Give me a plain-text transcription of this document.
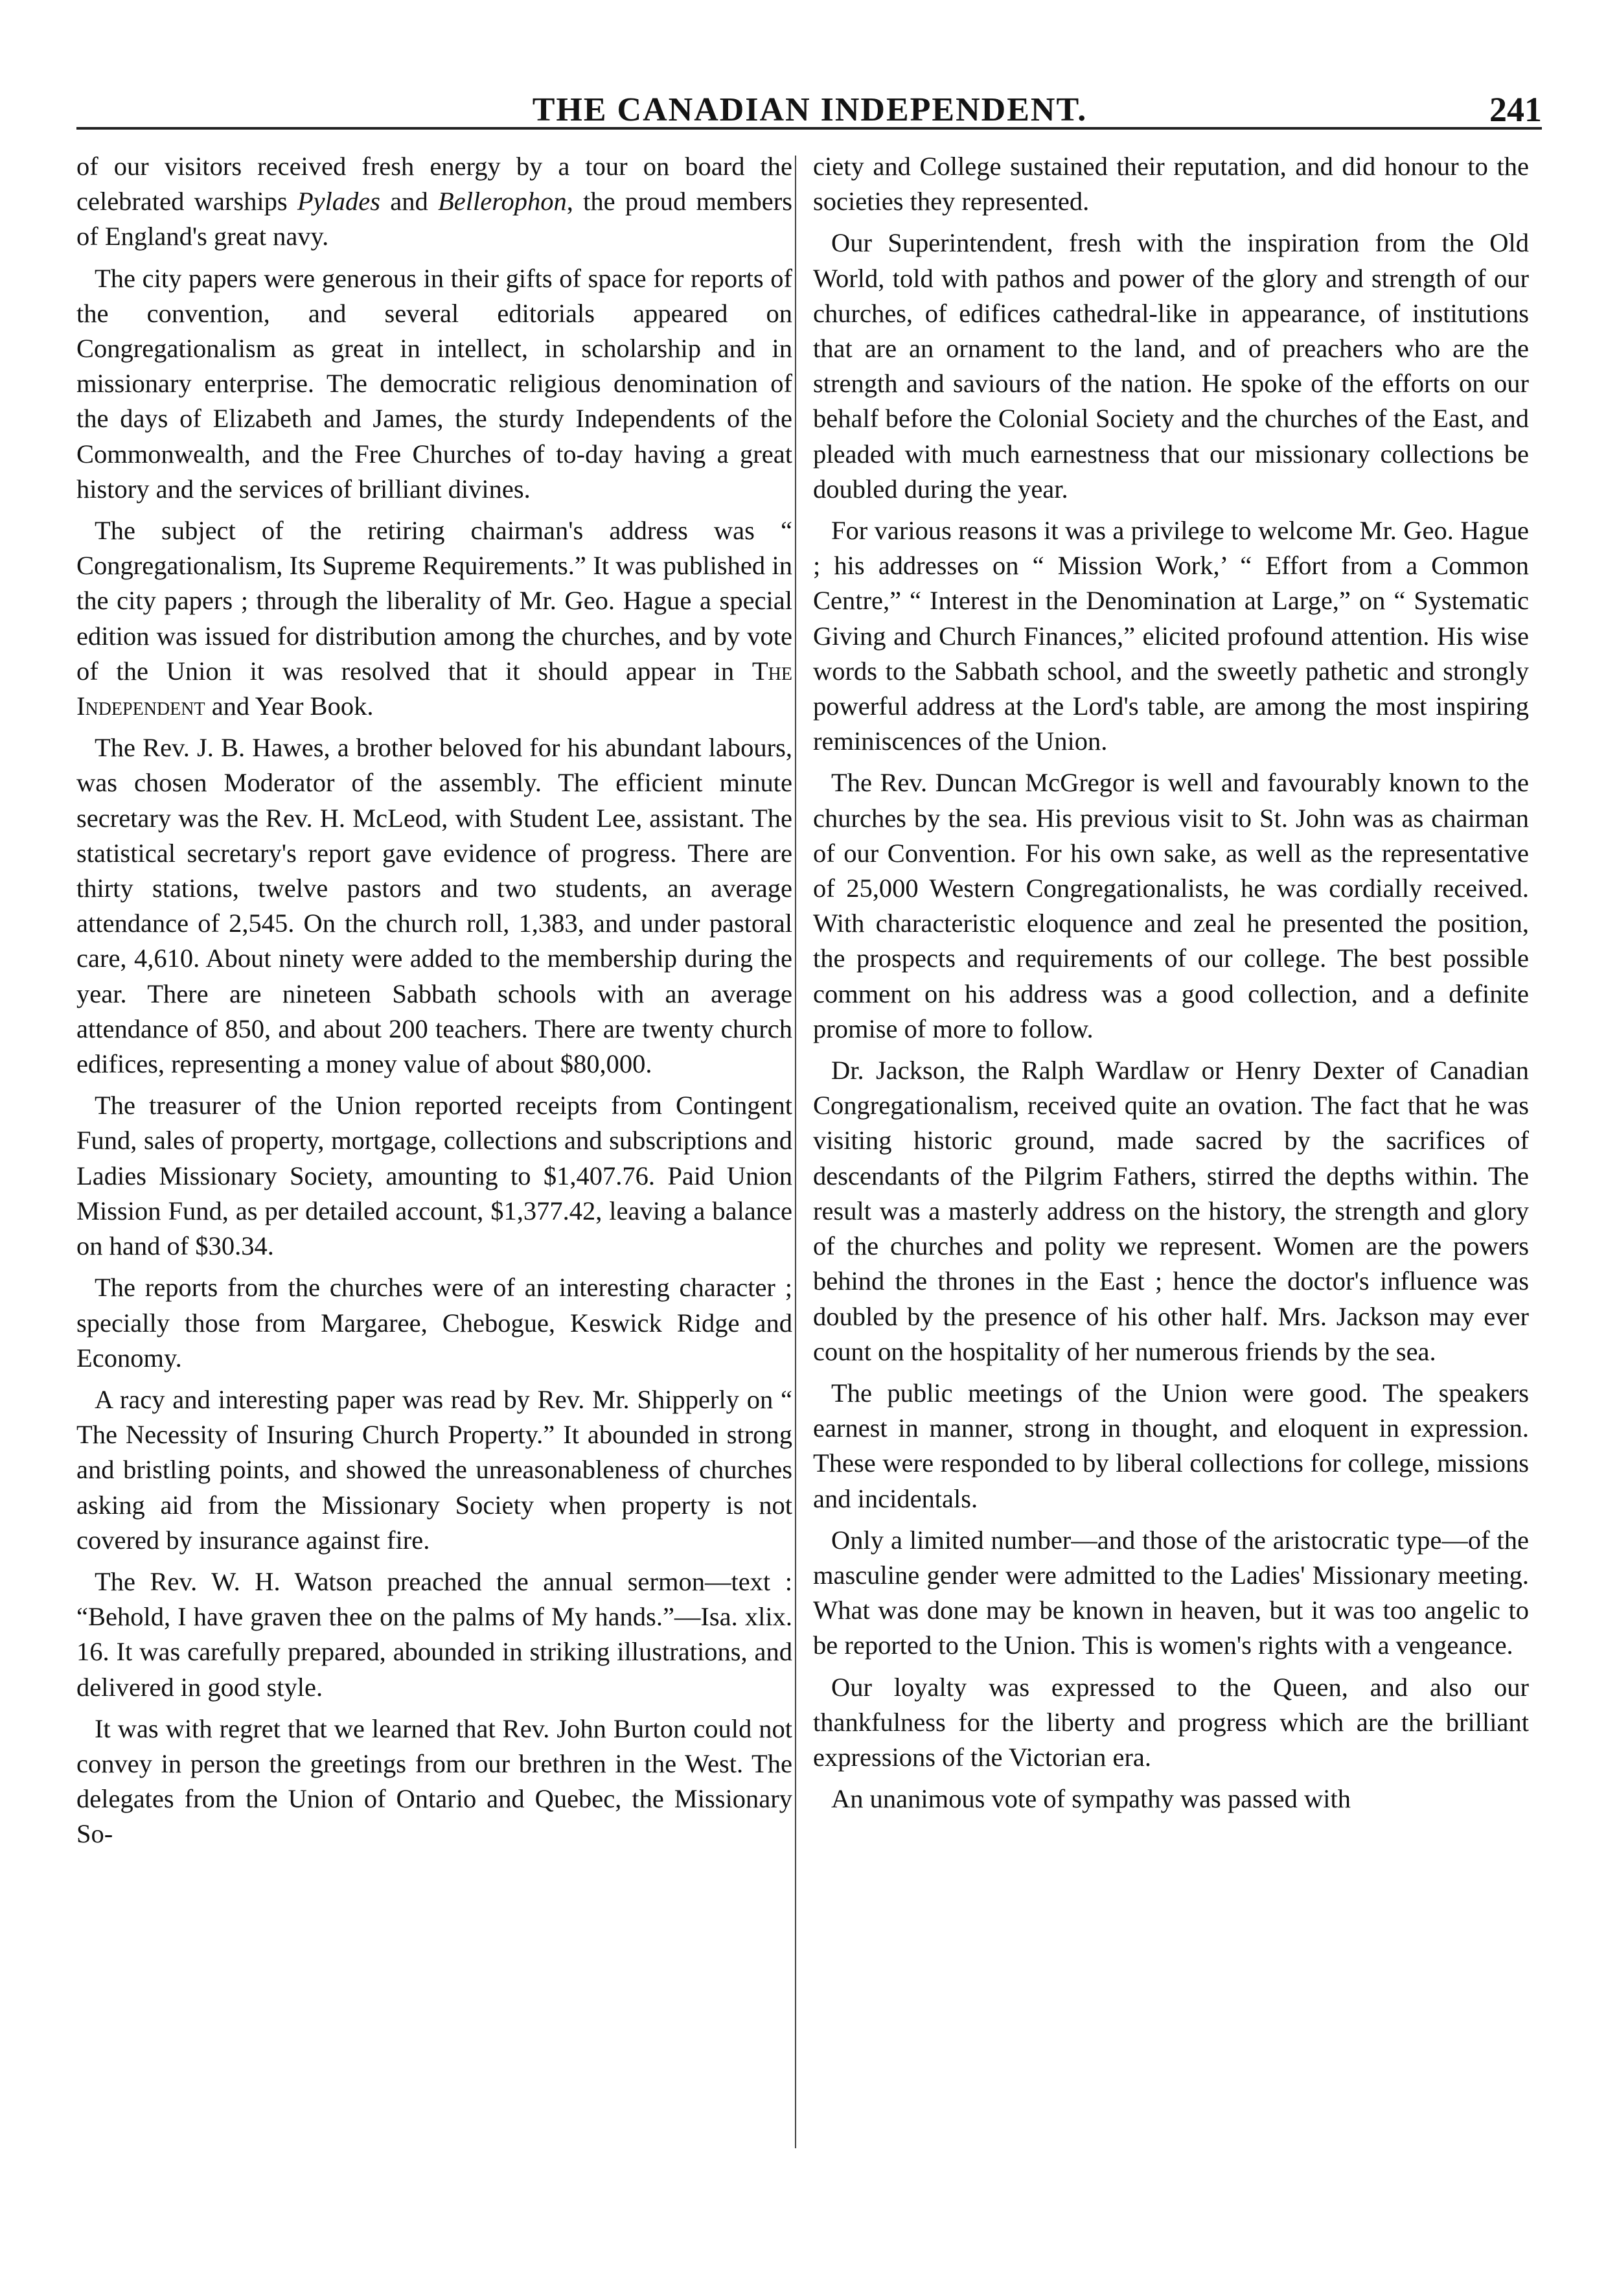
THE CANADIAN INDEPENDENT.	241

of our visitors received fresh energy by a tour on board the celebrated warships Pylades and Bellerophon, the proud members of England's great navy.

The city papers were generous in their gifts of space for reports of the convention, and several editorials appeared on Congregationalism as great in intellect, in scholarship and in missionary enterprise. The democratic religious denomination of the days of Elizabeth and James, the sturdy Independents of the Commonwealth, and the Free Churches of to-day having a great history and the services of brilliant divines.

The subject of the retiring chairman's address was “ Congregationalism, Its Supreme Requirements.” It was published in the city papers ; through the liberality of Mr. Geo. Hague a special edition was issued for distribution among the churches, and by vote of the Union it was resolved that it should appear in The Independent and Year Book.

The Rev. J. B. Hawes, a brother beloved for his abundant labours, was chosen Moderator of the assembly. The efficient minute secretary was the Rev. H. McLeod, with Student Lee, assistant. The statistical secretary's report gave evidence of progress. There are thirty stations, twelve pastors and two students, an average attendance of 2,545. On the church roll, 1,383, and under pastoral care, 4,610. About ninety were added to the membership during the year. There are nineteen Sabbath schools with an average attendance of 850, and about 200 teachers. There are twenty church edifices, representing a money value of about $80,000.

The treasurer of the Union reported receipts from Contingent Fund, sales of property, mortgage, collections and subscriptions and Ladies Missionary Society, amounting to $1,407.76. Paid Union Mission Fund, as per detailed account, $1,377.42, leaving a balance on hand of $30.34.

The reports from the churches were of an interesting character ; specially those from Margaree, Chebogue, Keswick Ridge and Economy.

A racy and interesting paper was read by Rev. Mr. Shipperly on “ The Necessity of Insuring Church Property.” It abounded in strong and bristling points, and showed the unreasonableness of churches asking aid from the Missionary Society when property is not covered by insurance against fire.

The Rev. W. H. Watson preached the annual sermon—text : “Behold, I have graven thee on the palms of My hands.”—Isa. xlix. 16. It was carefully prepared, abounded in striking illustrations, and delivered in good style.

It was with regret that we learned that Rev. John Burton could not convey in person the greetings from our brethren in the West. The delegates from the Union of Ontario and Quebec, the Missionary So-

ciety and College sustained their reputation, and did honour to the societies they represented.

Our Superintendent, fresh with the inspiration from the Old World, told with pathos and power of the glory and strength of our churches, of edifices cathedral-like in appearance, of institutions that are an ornament to the land, and of preachers who are the strength and saviours of the nation. He spoke of the efforts on our behalf before the Colonial Society and the churches of the East, and pleaded with much earnestness that our missionary collections be doubled during the year.

For various reasons it was a privilege to welcome Mr. Geo. Hague ; his addresses on “ Mission Work,’ “ Effort from a Common Centre,” “ Interest in the Denomination at Large,” on “ Systematic Giving and Church Finances,” elicited profound attention. His wise words to the Sabbath school, and the sweetly pathetic and strongly powerful address at the Lord's table, are among the most inspiring reminiscences of the Union.

The Rev. Duncan McGregor is well and favourably known to the churches by the sea. His previous visit to St. John was as chairman of our Convention. For his own sake, as well as the representative of 25,000 Western Congregationalists, he was cordially received. With characteristic eloquence and zeal he presented the position, the prospects and requirements of our college. The best possible comment on his address was a good collection, and a definite promise of more to follow.

Dr. Jackson, the Ralph Wardlaw or Henry Dexter of Canadian Congregationalism, received quite an ovation. The fact that he was visiting historic ground, made sacred by the sacrifices of descendants of the Pilgrim Fathers, stirred the depths within. The result was a masterly address on the history, the strength and glory of the churches and polity we represent. Women are the powers behind the thrones in the East ; hence the doctor's influence was doubled by the presence of his other half. Mrs. Jackson may ever count on the hospitality of her numerous friends by the sea.

The public meetings of the Union were good. The speakers earnest in manner, strong in thought, and eloquent in expression. These were responded to by liberal collections for college, missions and incidentals.

Only a limited number—and those of the aristocratic type—of the masculine gender were admitted to the Ladies' Missionary meeting. What was done may be known in heaven, but it was too angelic to be reported to the Union. This is women's rights with a vengeance.

Our loyalty was expressed to the Queen, and also our thankfulness for the liberty and progress which are the brilliant expressions of the Victorian era.

An unanimous vote of sympathy was passed with
